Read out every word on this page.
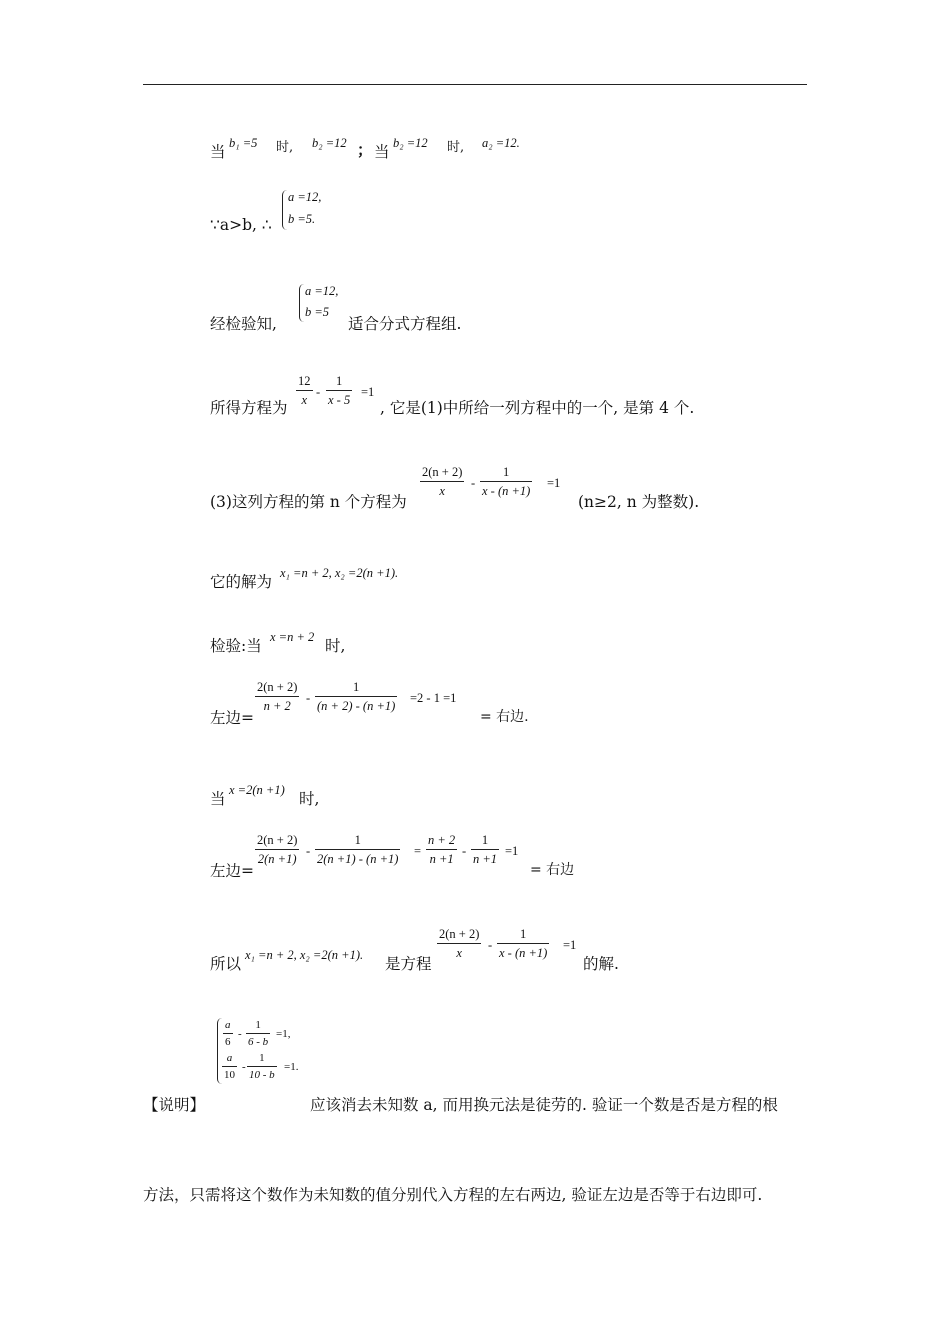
当 b₁ =5 时, b₂ =12 ； 当 b₂ =12 时, a₂ =12.
∵a>b, ∴
a =12,
b =5.
经检验知,
a =12,
b =5
适合分式方程组.
所得方程为
$\frac{12}{x} - \frac{1}{x - 5} =1$
, 它是(1)中所给一列方程中的一个, 是第 4 个.
(3)这列方程的第 n 个方程为
$\frac{2(n + 2)}{x} - \frac{1}{x - (n +1)} =1$
(n≥2, n 为整数).
它的解为 x₁ =n + 2, x₂ =2(n +1).
检验:当 x =n + 2 时,
左边=
$\frac{2(n + 2)}{n + 2} - \frac{1}{(n + 2) - (n +1)} =2 - 1 =1$
= 右边.
当 x =2(n +1) 时,
左边=
$\frac{2(n + 2)}{2(n +1)} - \frac{1}{2(n +1) - (n +1)} = \frac{n + 2}{n +1} - \frac{1}{n +1} =1$
= 右边
所以 x₁ =n + 2, x₂ =2(n +1). 是方程
$\frac{2(n + 2)}{x} - \frac{1}{x - (n +1)} =1$
的解.
$\frac{a}{6} - \frac{1}{6 - b} =1$,
$\frac{a}{10} - \frac{1}{10 - b} =1$.
【说明】	应该消去未知数 a, 而用换元法是徒劳的. 验证一个数是否是方程的根
方法，只需将这个数作为未知数的值分别代入方程的左右两边, 验证左边是否等于右边即可.
